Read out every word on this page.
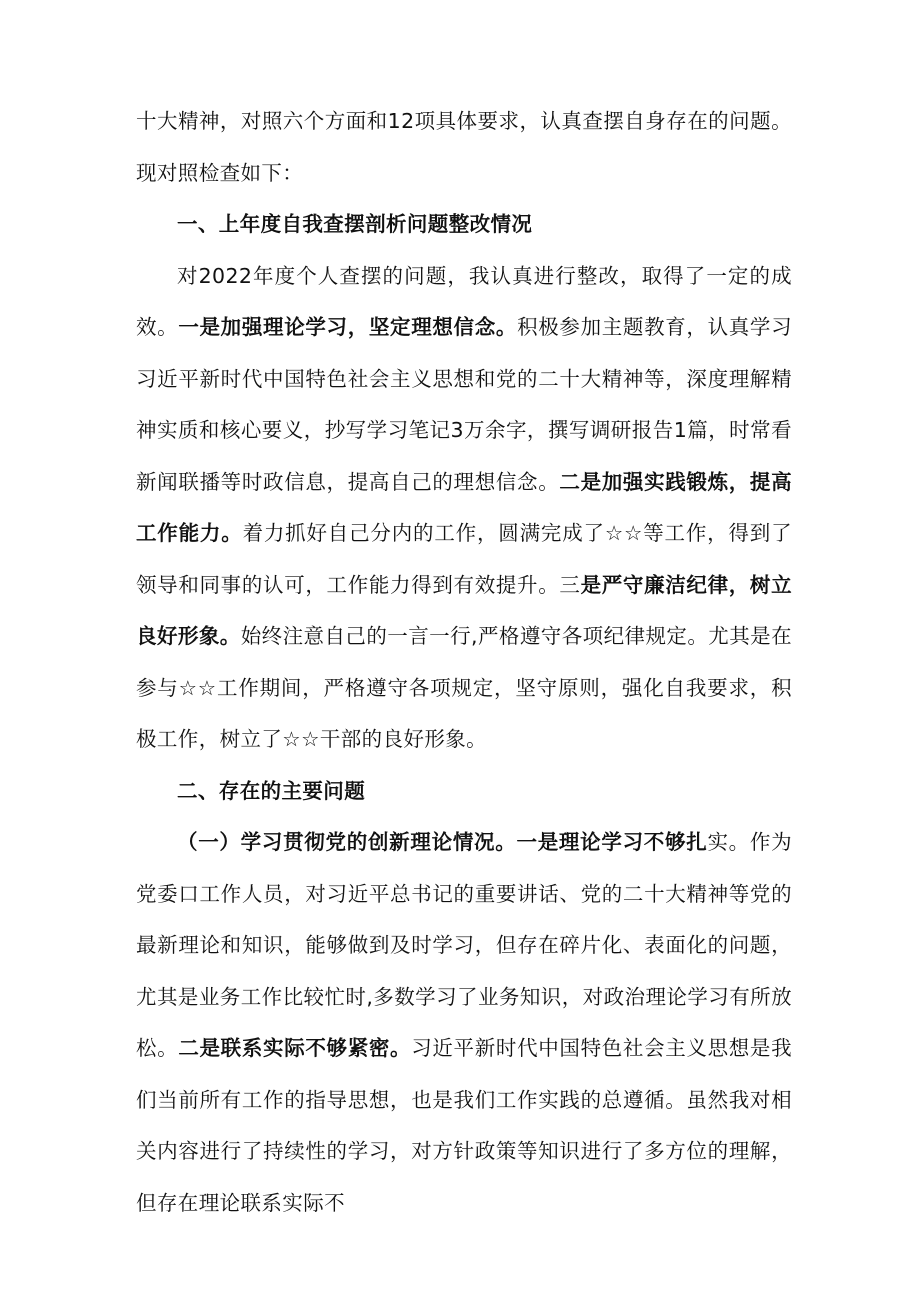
十大精神，对照六个方面和12项具体要求，认真查摆自身存在的问题。现对照检查如下：

一、上年度自我查摆剖析问题整改情况

对2022年度个人查摆的问题，我认真进行整改，取得了一定的成效。一是加强理论学习，坚定理想信念。积极参加主题教育，认真学习习近平新时代中国特色社会主义思想和党的二十大精神等，深度理解精神实质和核心要义，抄写学习笔记3万余字，撰写调研报告1篇，时常看新闻联播等时政信息，提高自己的理想信念。二是加强实践锻炼，提高工作能力。着力抓好自己分内的工作，圆满完成了☆☆等工作，得到了领导和同事的认可，工作能力得到有效提升。三是严守廉洁纪律，树立良好形象。始终注意自己的一言一行,严格遵守各项纪律规定。尤其是在参与☆☆工作期间，严格遵守各项规定，坚守原则，强化自我要求，积极工作，树立了☆☆干部的良好形象。

二、存在的主要问题

（一）学习贯彻党的创新理论情况。一是理论学习不够扎实。作为党委口工作人员，对习近平总书记的重要讲话、党的二十大精神等党的最新理论和知识，能够做到及时学习，但存在碎片化、表面化的问题，尤其是业务工作比较忙时,多数学习了业务知识，对政治理论学习有所放松。二是联系实际不够紧密。习近平新时代中国特色社会主义思想是我们当前所有工作的指导思想，也是我们工作实践的总遵循。虽然我对相关内容进行了持续性的学习，对方针政策等知识进行了多方位的理解，但存在理论联系实际不
